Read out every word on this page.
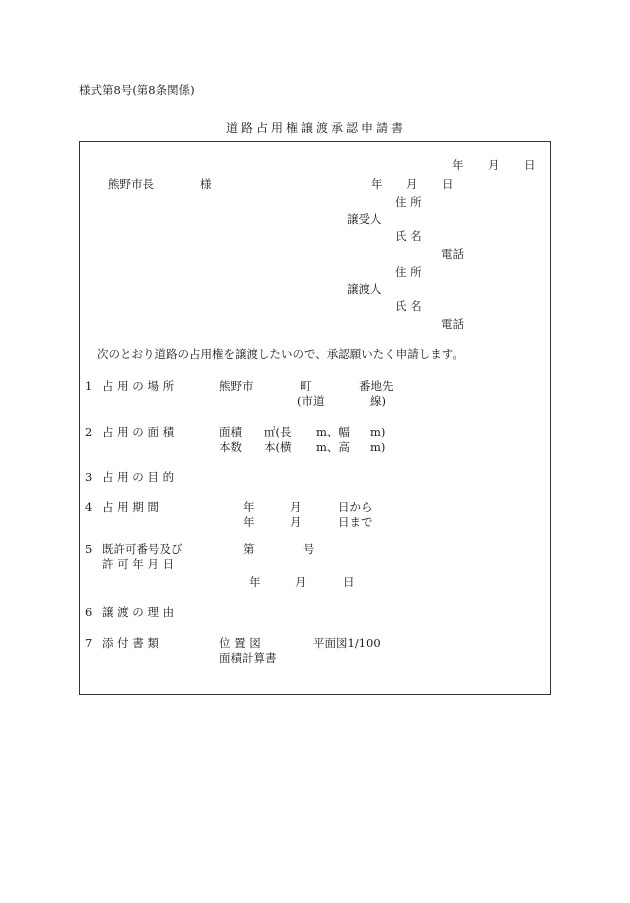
様式第8号(第8条関係)
道路占用権譲渡承認申請書
年 月 日
熊野市長	様	年 月 日
住 所
譲受人
氏 名
電話
住 所
譲渡人
氏 名
電話
次のとおり道路の占用権を譲渡したいので、承認願いたく申請します。
1 占 用 の 場 所	熊野市	町	番地先
(市道	線)
2 占 用 の 面 積	面積 ㎡(長 m、幅 m)
本数 本(横 m、高 m)
3 占 用 の 目 的
4 占 用 期 間	年	月	日から
年	月	日まで
5 既許可番号及び
許 可 年 月 日
第	号
年	月	日
6 譲 渡 の 理 由
7 添 付 書 類	位 置 図	平面図1/100
面積計算書
